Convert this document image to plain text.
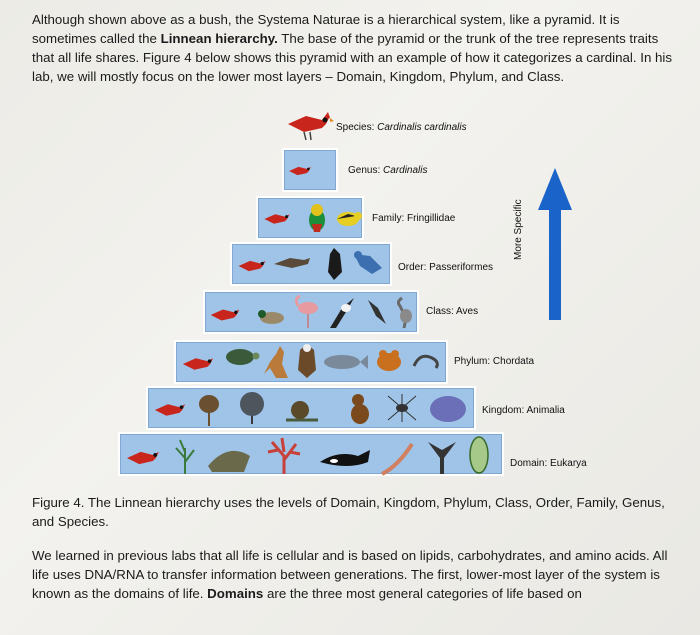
Although shown above as a bush, the Systema Naturae is a hierarchical system, like a pyramid. It is sometimes called the Linnean hierarchy. The base of the pyramid or the trunk of the tree represents traits that all life shares. Figure 4 below shows this pyramid with an example of how it categorizes a cardinal. In his lab, we will mostly focus on the lower most layers – Domain, Kingdom, Phylum, and Class.

Species: Cardinalis cardinalis
Genus: Cardinalis
Family: Fringillidae
Order: Passeriformes
Class: Aves
Phylum: Chordata
Kingdom: Animalia
Domain: Eukarya
More Specific

Figure 4. The Linnean hierarchy uses the levels of Domain, Kingdom, Phylum, Class, Order, Family, Genus, and Species.

We learned in previous labs that all life is cellular and is based on lipids, carbohydrates, and amino acids. All life uses DNA/RNA to transfer information between generations. The first, lower-most layer of the system is known as the domains of life. Domains are the three most general categories of life based on
